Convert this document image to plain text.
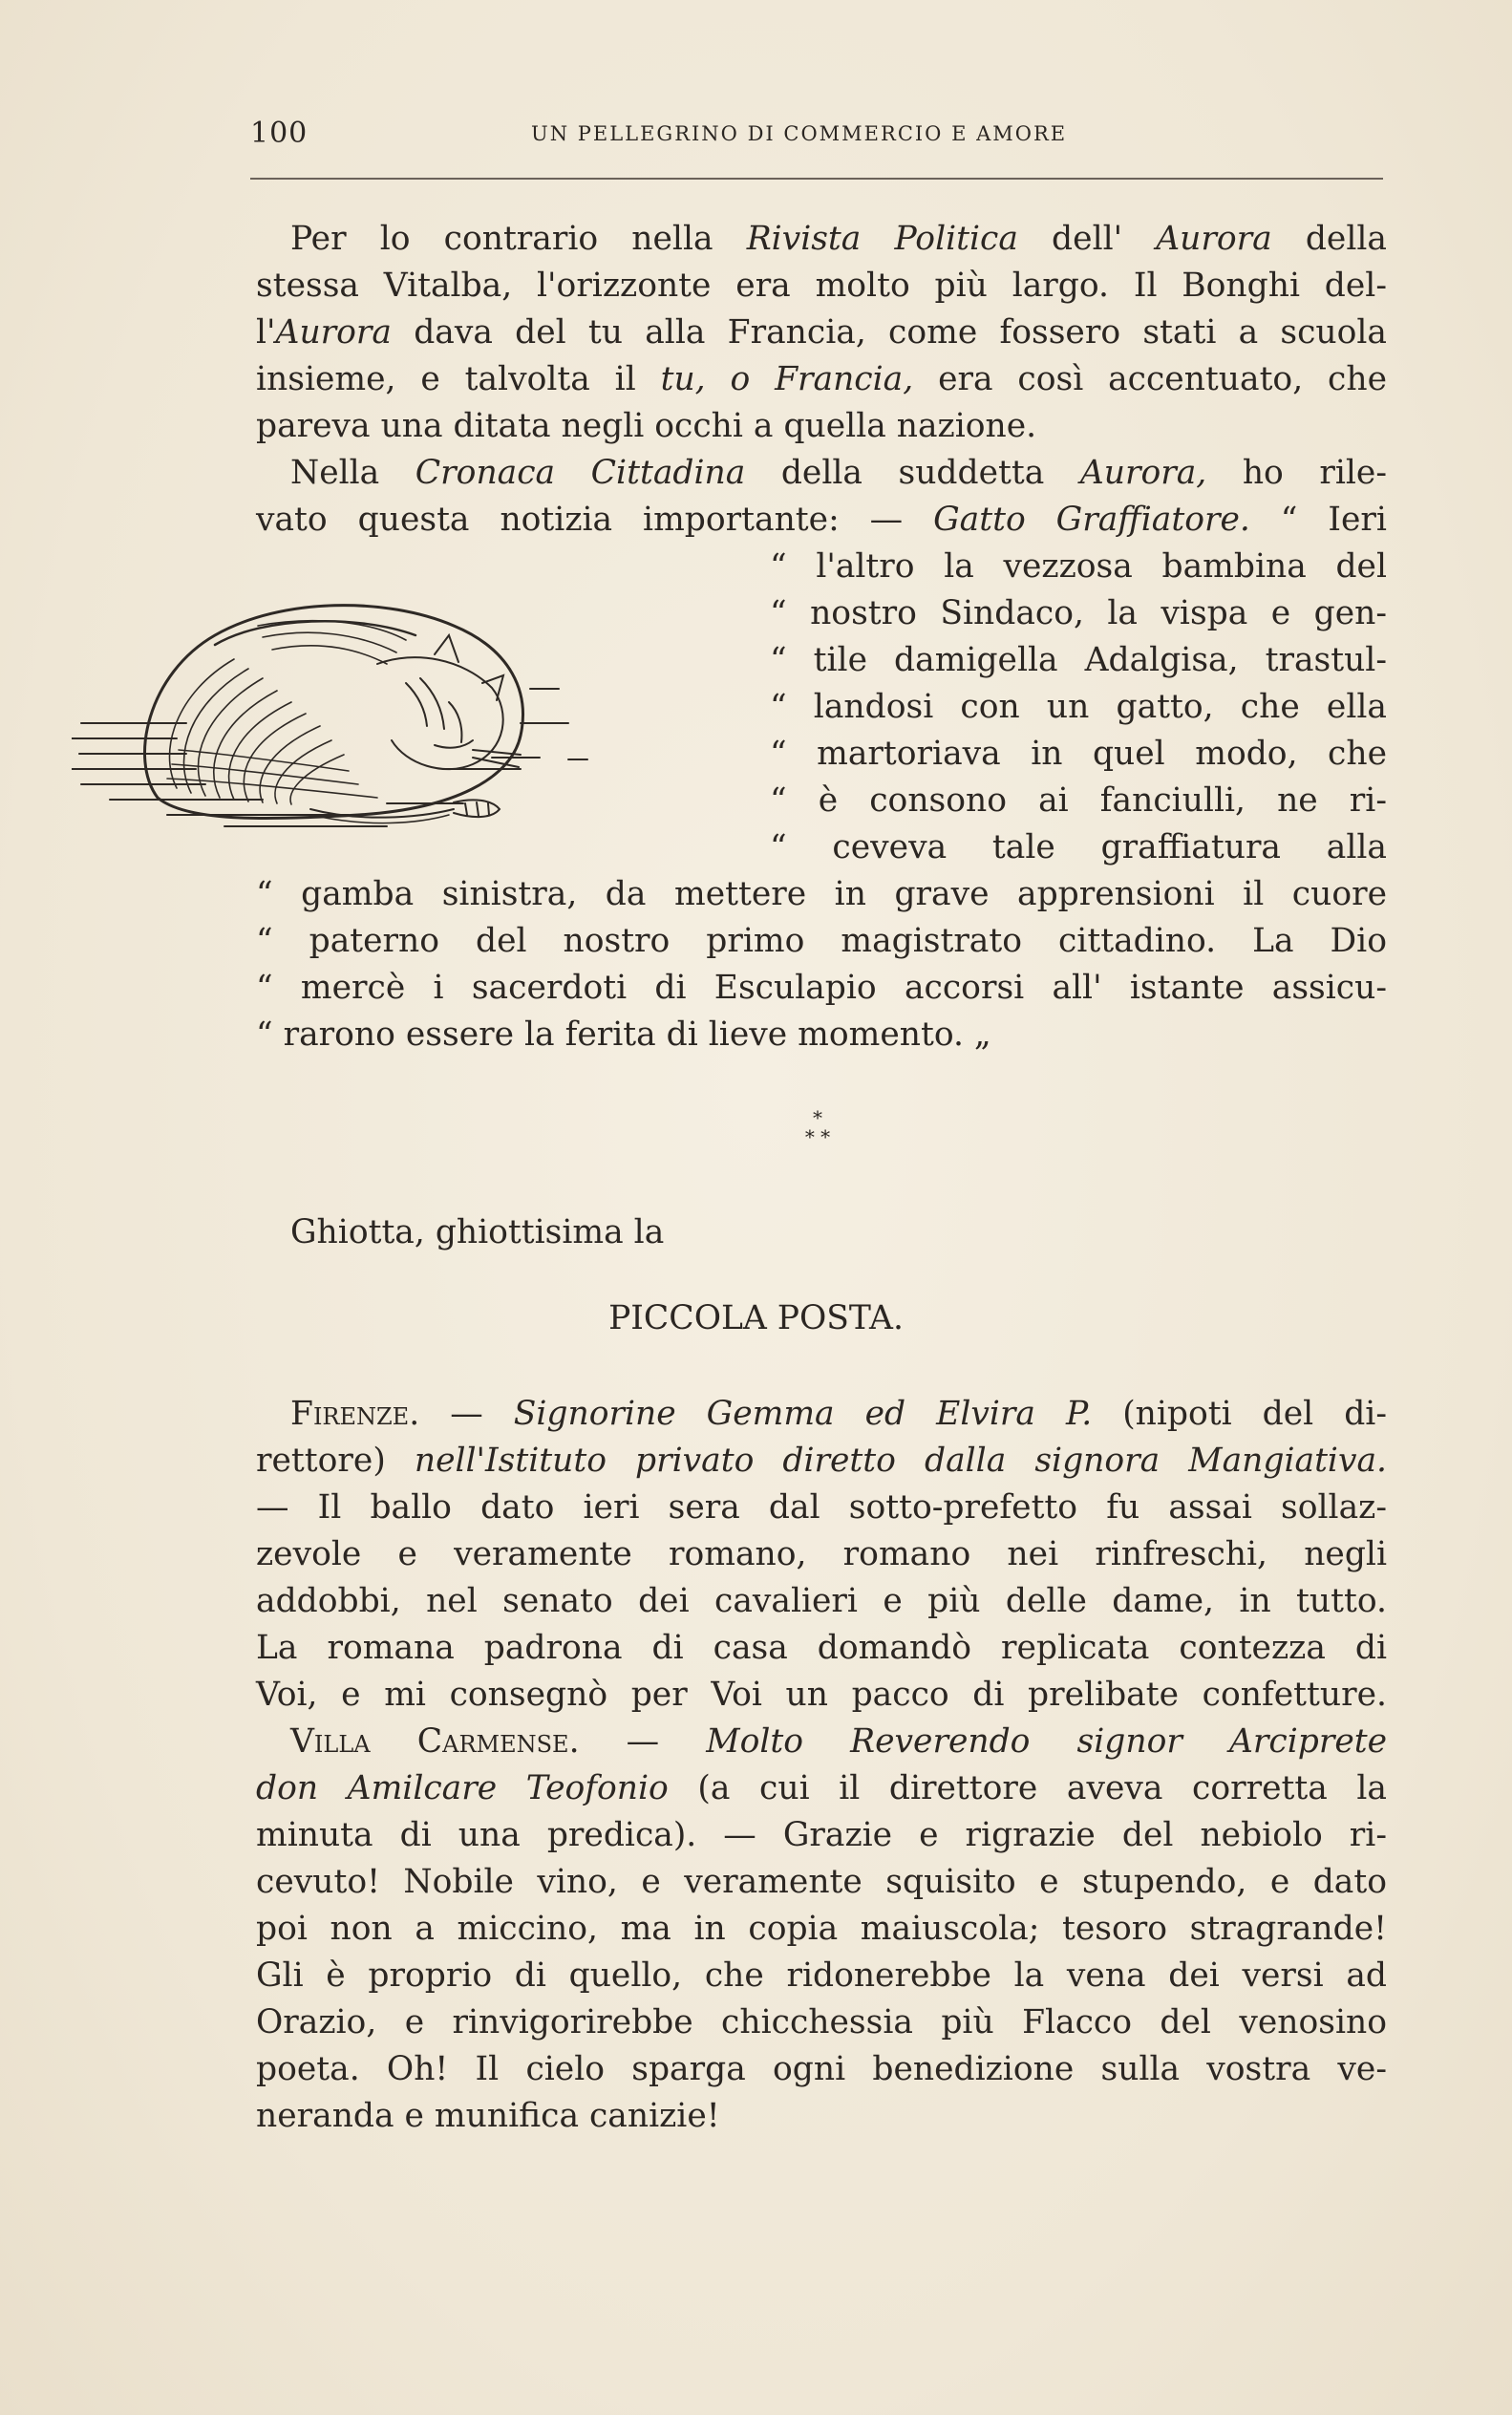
100	UN PELLEGRINO DI COMMERCIO E AMORE
Per lo contrario nella Rivista Politica dell' Aurora della
stessa Vitalba, l'orizzonte era molto più largo. Il Bonghi del-
l'Aurora dava del tu alla Francia, come fossero stati a scuola
insieme, e talvolta il tu, o Francia, era così accentuato, che
pareva una ditata negli occhi a quella nazione.
Nella Cronaca Cittadina della suddetta Aurora, ho rile-
vato questa notizia importante: — Gatto Graffiatore. “ Ieri
“ l'altro la vezzosa bambina del
“ nostro Sindaco, la vispa e gen-
“ tile damigella Adalgisa, trastul-
“ landosi con un gatto, che ella
“ martoriava in quel modo, che
“ è consono ai fanciulli, ne ri-
“ ceveva tale graffiatura alla
“ gamba sinistra, da mettere in grave apprensioni il cuore
“ paterno del nostro primo magistrato cittadino. La Dio
“ mercè i sacerdoti di Esculapio accorsi all' istante assicu-
“ rarono essere la ferita di lieve momento. „
*
* *
Ghiotta, ghiottisima la
PICCOLA POSTA.
Firenze. — Signorine Gemma ed Elvira P. (nipoti del di-
rettore) nell'Istituto privato diretto dalla signora Mangiativa.
— Il ballo dato ieri sera dal sotto-prefetto fu assai sollaz-
zevole e veramente romano, romano nei rinfreschi, negli
addobbi, nel senato dei cavalieri e più delle dame, in tutto.
La romana padrona di casa domandò replicata contezza di
Voi, e mi consegnò per Voi un pacco di prelibate confetture.
Villa Carmense. — Molto Reverendo signor Arciprete
don Amilcare Teofonio (a cui il direttore aveva corretta la
minuta di una predica). — Grazie e rigrazie del nebiolo ri-
cevuto! Nobile vino, e veramente squisito e stupendo, e dato
poi non a miccino, ma in copia maiuscola; tesoro stragrande!
Gli è proprio di quello, che ridonerebbe la vena dei versi ad
Orazio, e rinvigorirebbe chicchessia più Flacco del venosino
poeta. Oh! Il cielo sparga ogni benedizione sulla vostra ve-
neranda e munifica canizie!
